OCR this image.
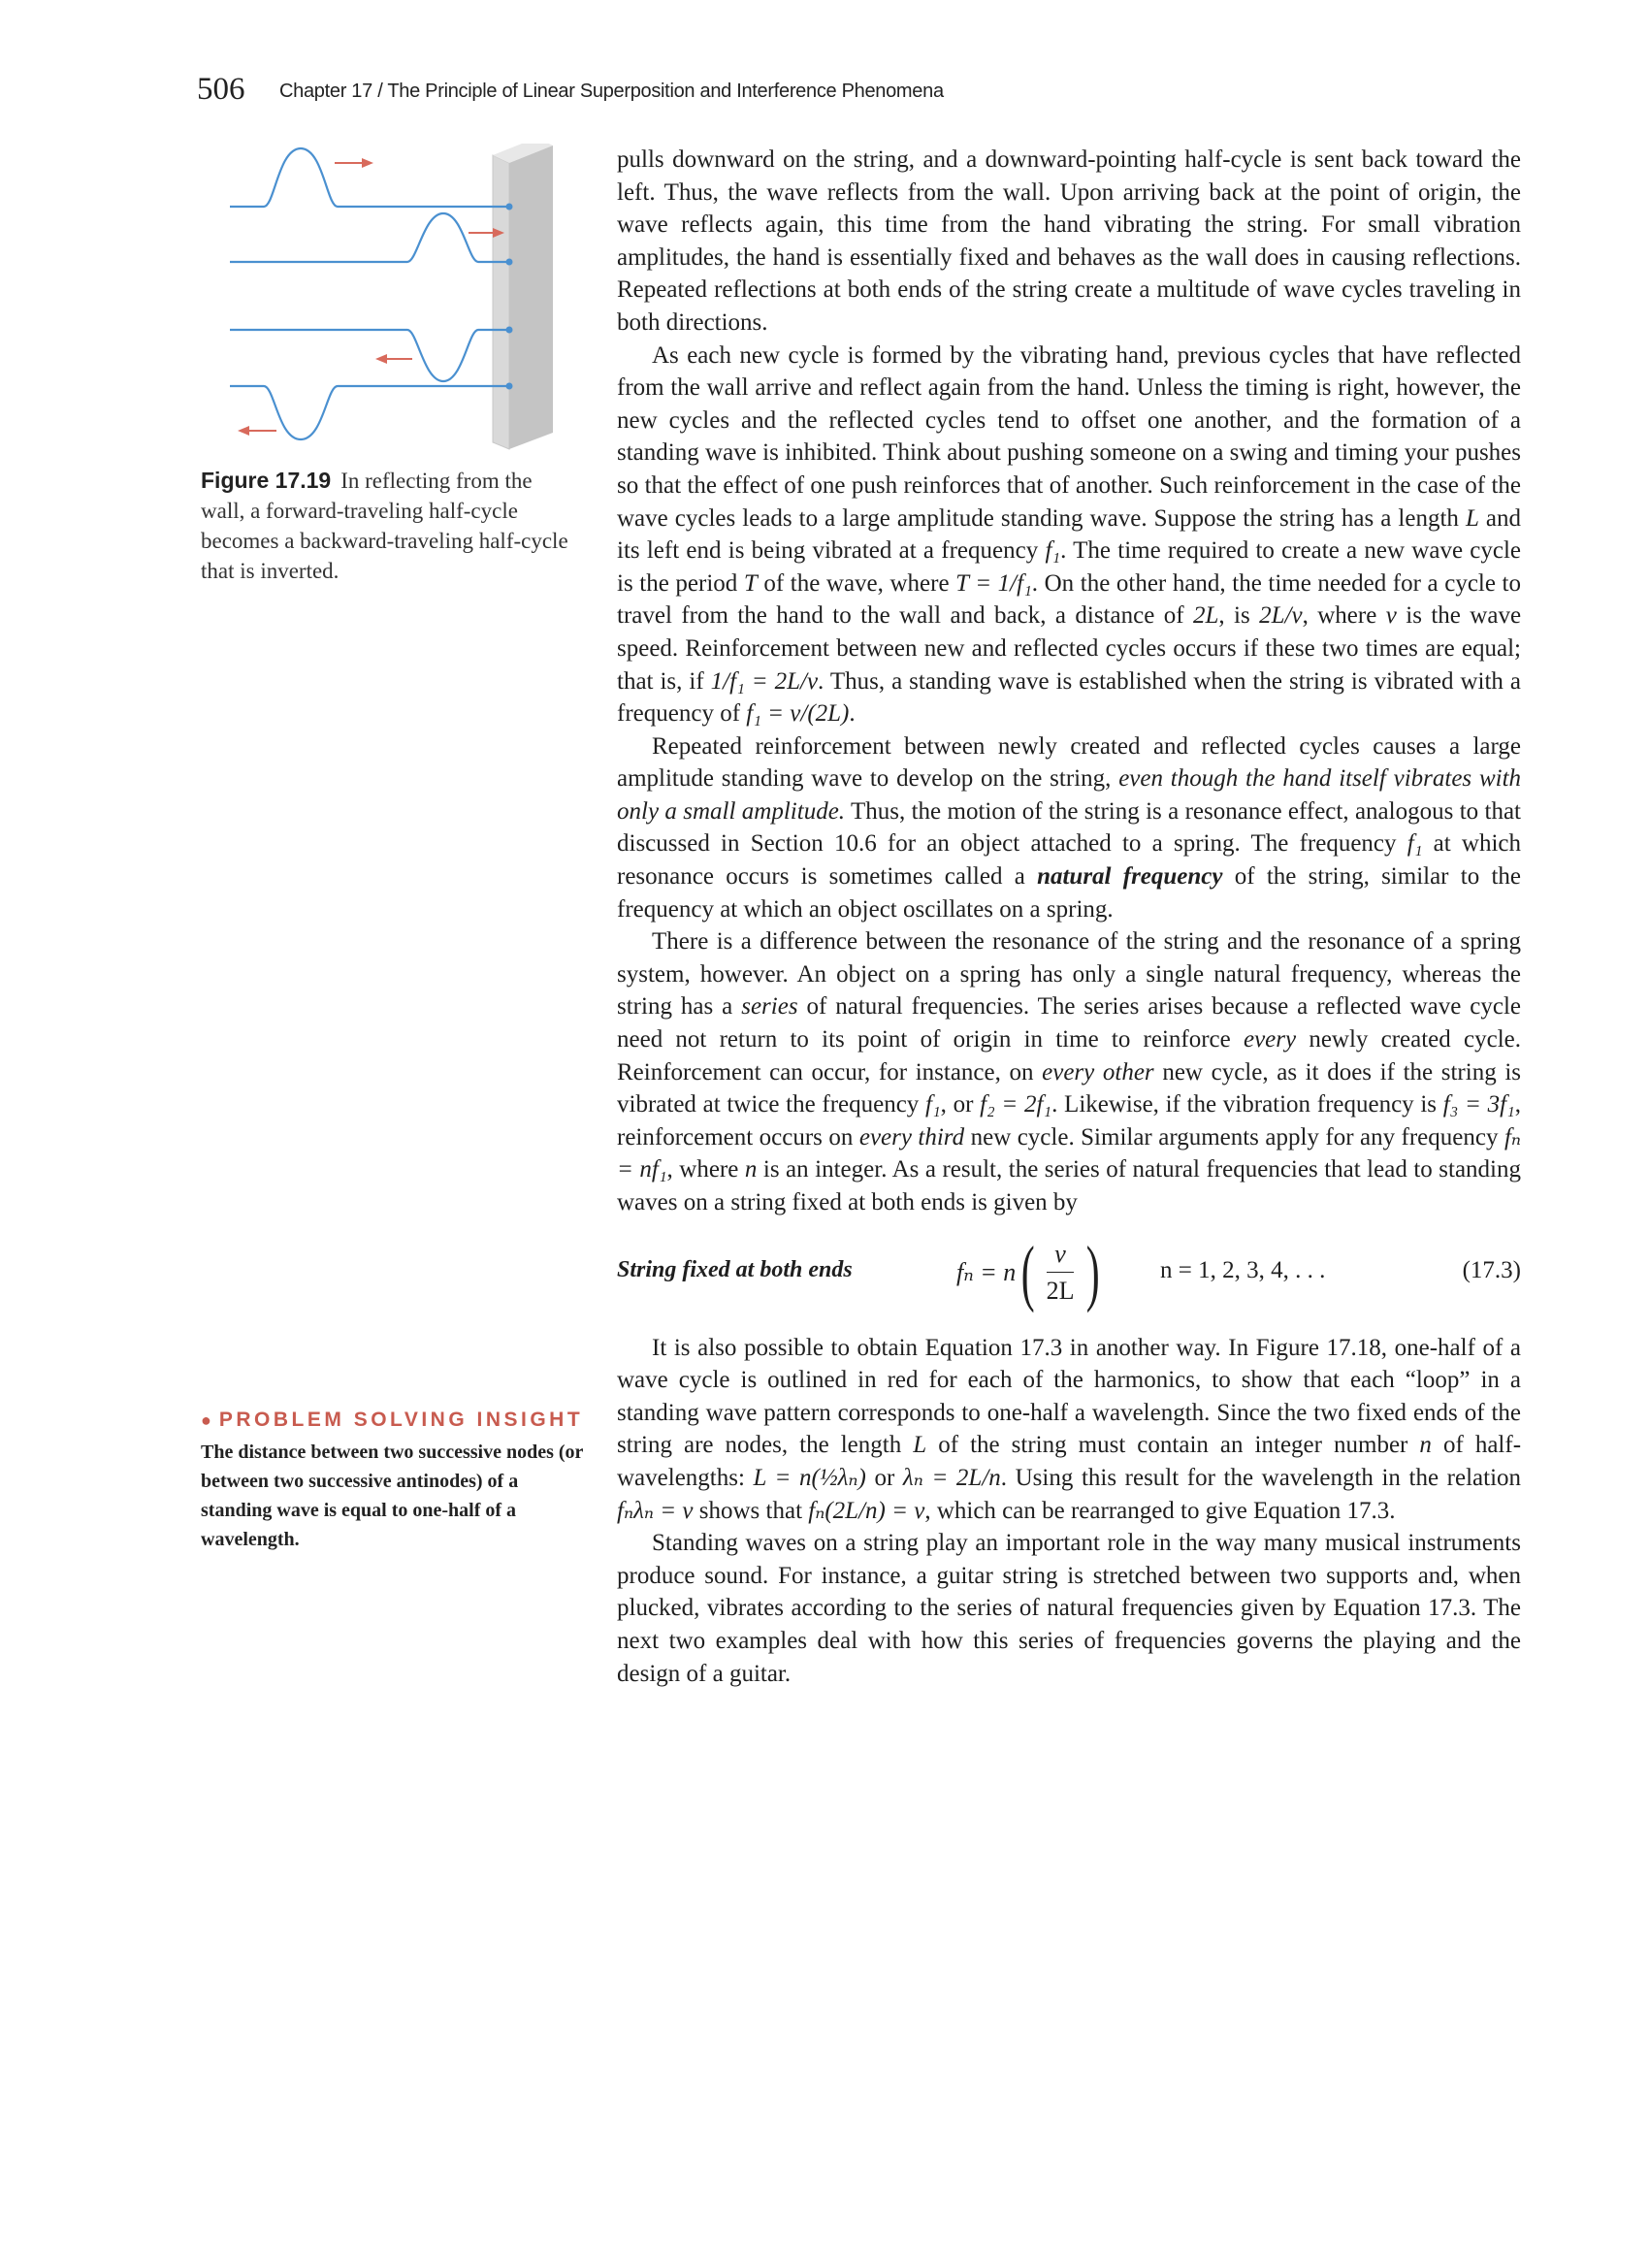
506 Chapter 17 / The Principle of Linear Superposition and Interference Phenomena
Figure 17.19 In reflecting from the wall, a forward-traveling half-cycle becomes a backward-traveling half-cycle that is inverted.
● PROBLEM SOLVING INSIGHT
The distance between two successive nodes (or between two successive antinodes) of a standing wave is equal to one-half of a wavelength.

pulls downward on the string, and a downward-pointing half-cycle is sent back toward the left. Thus, the wave reflects from the wall. Upon arriving back at the point of origin, the wave reflects again, this time from the hand vibrating the string. For small vibration amplitudes, the hand is essentially fixed and behaves as the wall does in causing reflections. Repeated reflections at both ends of the string create a multitude of wave cycles traveling in both directions.

As each new cycle is formed by the vibrating hand, previous cycles that have reflected from the wall arrive and reflect again from the hand. Unless the timing is right, however, the new cycles and the reflected cycles tend to offset one another, and the formation of a standing wave is inhibited. Think about pushing someone on a swing and timing your pushes so that the effect of one push reinforces that of another. Such reinforcement in the case of the wave cycles leads to a large amplitude standing wave. Suppose the string has a length L and its left end is being vibrated at a frequency f₁. The time required to create a new wave cycle is the period T of the wave, where T = 1/f₁. On the other hand, the time needed for a cycle to travel from the hand to the wall and back, a distance of 2L, is 2L/v, where v is the wave speed. Reinforcement between new and reflected cycles occurs if these two times are equal; that is, if 1/f₁ = 2L/v. Thus, a standing wave is established when the string is vibrated with a frequency of f₁ = v/(2L).

Repeated reinforcement between newly created and reflected cycles causes a large amplitude standing wave to develop on the string, even though the hand itself vibrates with only a small amplitude. Thus, the motion of the string is a resonance effect, analogous to that discussed in Section 10.6 for an object attached to a spring. The frequency f₁ at which resonance occurs is sometimes called a natural frequency of the string, similar to the frequency at which an object oscillates on a spring.

There is a difference between the resonance of the string and the resonance of a spring system, however. An object on a spring has only a single natural frequency, whereas the string has a series of natural frequencies. The series arises because a reflected wave cycle need not return to its point of origin in time to reinforce every newly created cycle. Reinforcement can occur, for instance, on every other new cycle, as it does if the string is vibrated at twice the frequency f₁, or f₂ = 2f₁. Likewise, if the vibration frequency is f₃ = 3f₁, reinforcement occurs on every third new cycle. Similar arguments apply for any frequency fₙ = nf₁, where n is an integer. As a result, the series of natural frequencies that lead to standing waves on a string fixed at both ends is given by

String fixed at both ends	fₙ = n ( $\frac{v}{2L}$ )	n = 1, 2, 3, 4, . . .	(17.3)

It is also possible to obtain Equation 17.3 in another way. In Figure 17.18, one-half of a wave cycle is outlined in red for each of the harmonics, to show that each “loop” in a standing wave pattern corresponds to one-half a wavelength. Since the two fixed ends of the string are nodes, the length L of the string must contain an integer number n of half-wavelengths: L = n(½λₙ) or λₙ = 2L/n. Using this result for the wavelength in the relation fₙλₙ = v shows that fₙ(2L/n) = v, which can be rearranged to give Equation 17.3.

Standing waves on a string play an important role in the way many musical instruments produce sound. For instance, a guitar string is stretched between two supports and, when plucked, vibrates according to the series of natural frequencies given by Equation 17.3. The next two examples deal with how this series of frequencies governs the playing and the design of a guitar.
